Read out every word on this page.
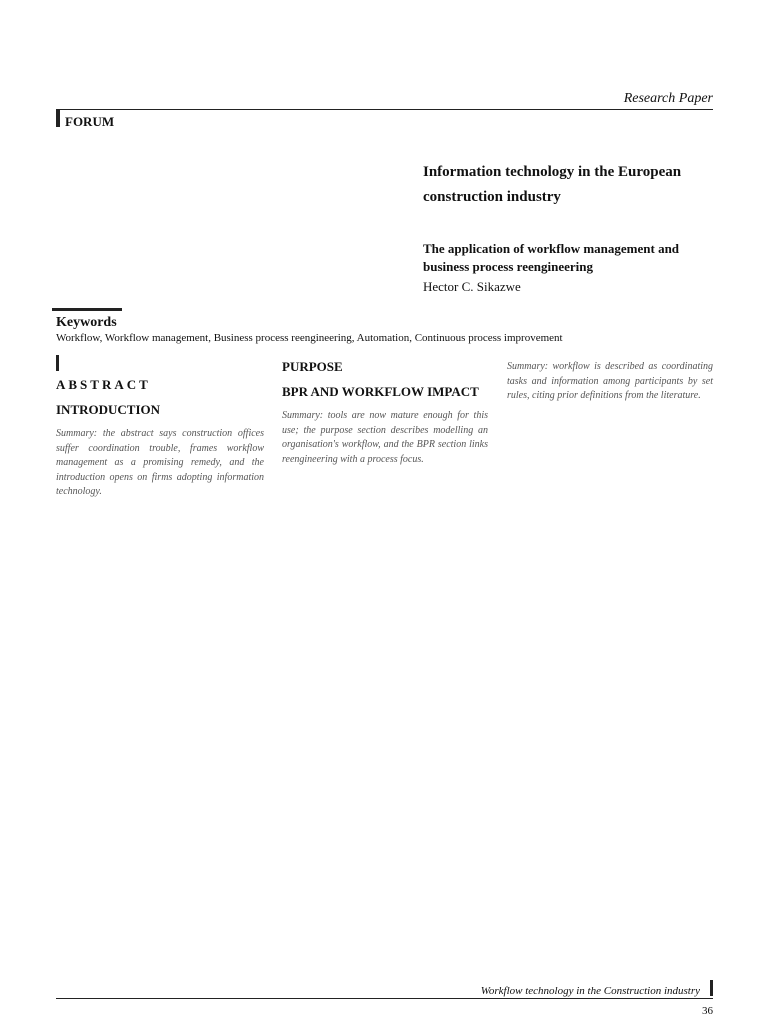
Research Paper
FORUM
Information technology in the European construction industry
The application of workflow management and business process reengineering
Hector C. Sikazwe
Keywords
Workflow, Workflow management, Business process reengineering, Automation, Continuous process improvement
ABSTRACT
INTRODUCTION

Summary: the abstract says construction offices suffer coordination trouble, frames workflow management as a promising remedy, and the introduction opens on firms adopting information technology.

PURPOSE
BPR AND WORKFLOW IMPACT

Summary: tools are now mature enough for this use; the purpose section describes modelling an organisation's workflow, and the BPR section links reengineering with a process focus.

Summary: workflow is described as coordinating tasks and information among participants by set rules, citing prior definitions from the literature.

Workflow technology in the Construction industry
36
